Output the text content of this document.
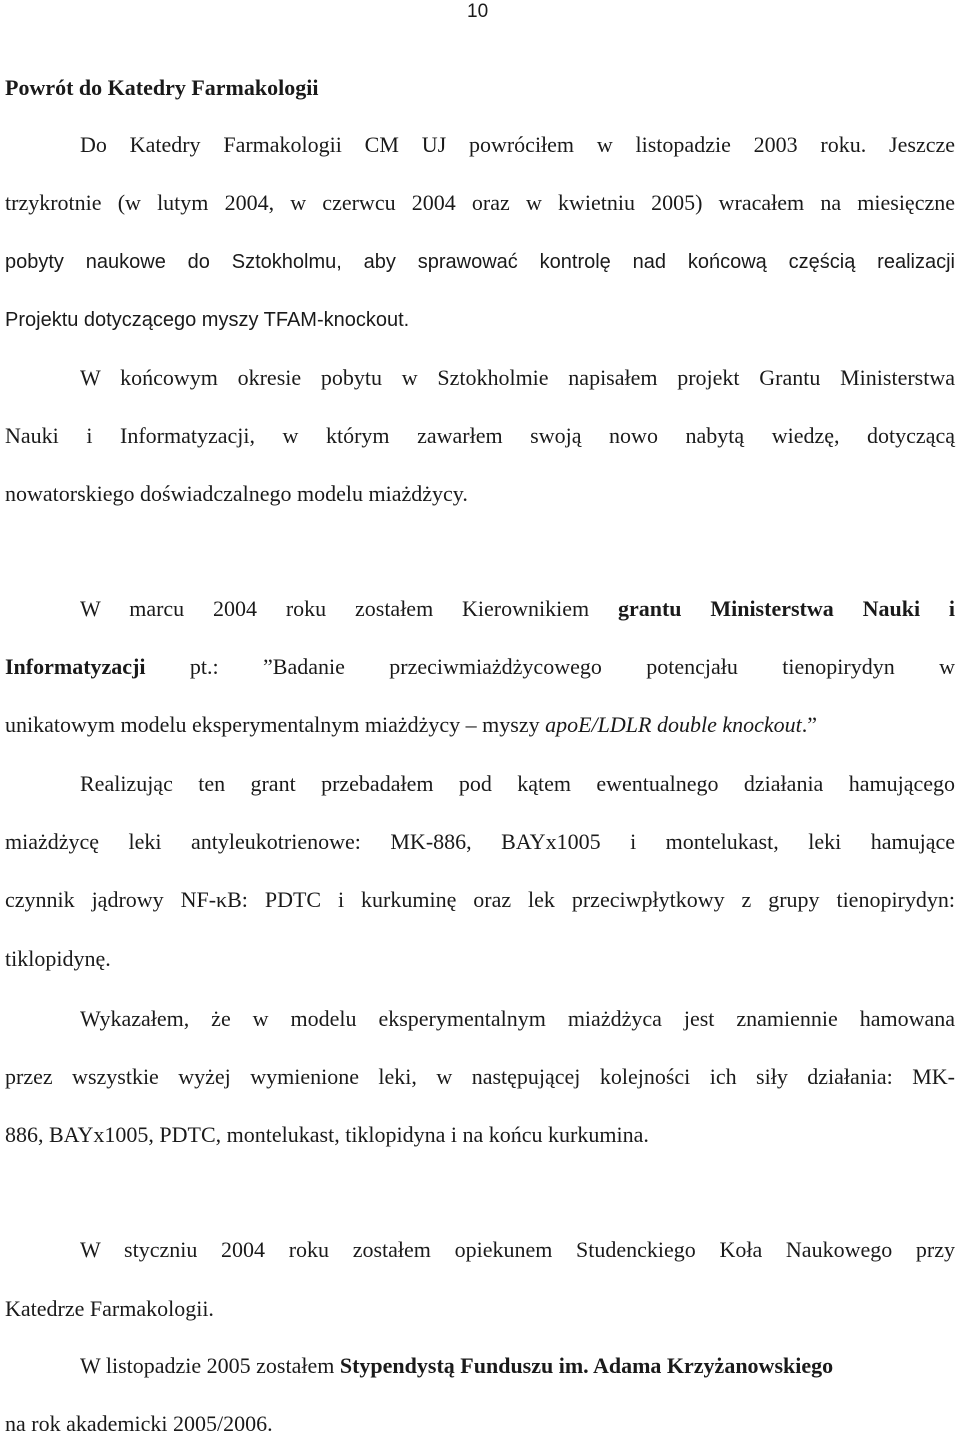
10
Powrót do Katedry Farmakologii
Do Katedry Farmakologii CM UJ powróciłem w listopadzie 2003 roku. Jeszcze
trzykrotnie (w lutym 2004, w czerwcu 2004 oraz w kwietniu 2005) wracałem na miesięczne
pobyty naukowe do Sztokholmu, aby sprawować kontrolę nad końcową częścią realizacji
Projektu dotyczącego myszy TFAM-knockout.
W końcowym okresie pobytu w Sztokholmie napisałem projekt Grantu Ministerstwa
Nauki i Informatyzacji, w którym zawarłem swoją nowo nabytą wiedzę, dotyczącą
nowatorskiego doświadczalnego modelu miażdżycy.
W marcu 2004 roku zostałem Kierownikiem grantu Ministerstwa Nauki i
Informatyzacji pt.: ”Badanie przeciwmiażdżycowego potencjału tienopirydyn w
unikatowym modelu eksperymentalnym miażdżycy – myszy apoE/LDLR double knockout.”
Realizując ten grant przebadałem pod kątem ewentualnego działania hamującego
miażdżycę leki antyleukotrienowe: MK-886, BAYx1005 i montelukast, leki hamujące
czynnik jądrowy NF-κB: PDTC i kurkuminę oraz lek przeciwpłytkowy z grupy tienopirydyn:
tiklopidynę.
Wykazałem, że w modelu eksperymentalnym miażdżyca jest znamiennie hamowana
przez wszystkie wyżej wymienione leki, w następującej kolejności ich siły działania: MK-
886, BAYx1005, PDTC, montelukast, tiklopidyna i na końcu kurkumina.
W styczniu 2004 roku zostałem opiekunem Studenckiego Koła Naukowego przy
Katedrze Farmakologii.
W listopadzie 2005 zostałem Stypendystą Funduszu im. Adama Krzyżanowskiego
na rok akademicki 2005/2006.
